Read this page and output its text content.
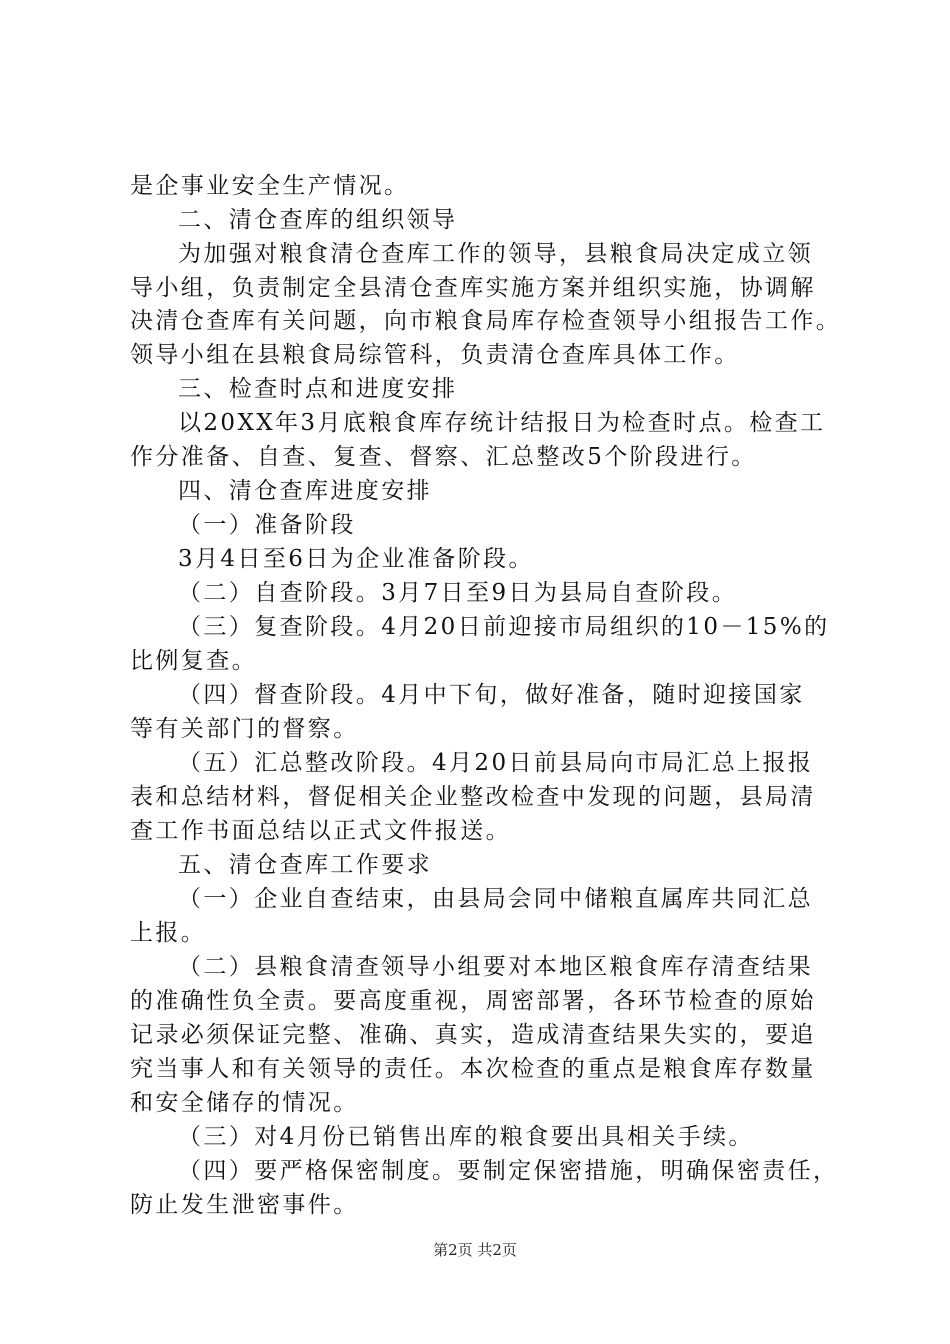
是企事业安全生产情况。
二、清仓查库的组织领导
为加强对粮食清仓查库工作的领导，县粮食局决定成立领
导小组，负责制定全县清仓查库实施方案并组织实施，协调解
决清仓查库有关问题，向市粮食局库存检查领导小组报告工作。
领导小组在县粮食局综管科，负责清仓查库具体工作。
三、检查时点和进度安排
以20XX年3月底粮食库存统计结报日为检查时点。检查工
作分准备、自查、复查、督察、汇总整改5个阶段进行。
四、清仓查库进度安排
（一）准备阶段
3月4日至6日为企业准备阶段。
（二）自查阶段。3月7日至9日为县局自查阶段。
（三）复查阶段。4月20日前迎接市局组织的10－15%的
比例复查。
（四）督查阶段。4月中下旬，做好准备，随时迎接国家
等有关部门的督察。
（五）汇总整改阶段。4月20日前县局向市局汇总上报报
表和总结材料，督促相关企业整改检查中发现的问题，县局清
查工作书面总结以正式文件报送。
五、清仓查库工作要求
（一）企业自查结束，由县局会同中储粮直属库共同汇总
上报。
（二）县粮食清查领导小组要对本地区粮食库存清查结果
的准确性负全责。要高度重视，周密部署，各环节检查的原始
记录必须保证完整、准确、真实，造成清查结果失实的，要追
究当事人和有关领导的责任。本次检查的重点是粮食库存数量
和安全储存的情况。
（三）对4月份已销售出库的粮食要出具相关手续。
（四）要严格保密制度。要制定保密措施，明确保密责任，
防止发生泄密事件。
第2页 共2页
